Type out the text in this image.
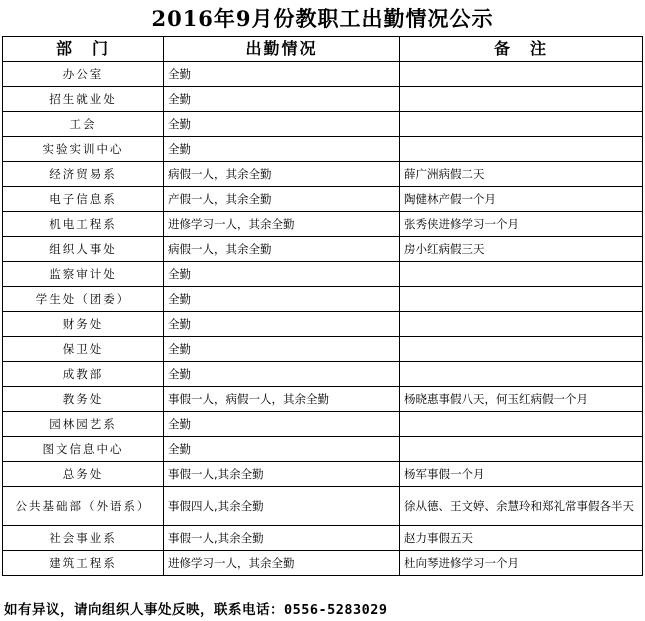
2016年9月份教职工出勤情况公示
部　门	出勤情况	备　注
办公室	全勤	
招生就业处	全勤	
工会	全勤	
实验实训中心	全勤	
经济贸易系	病假一人，其余全勤	薛广洲病假二天
电子信息系	产假一人，其余全勤	陶健林产假一个月
机电工程系	进修学习一人，其余全勤	张秀侠进修学习一个月
组织人事处	病假一人，其余全勤	房小红病假三天
监察审计处	全勤	
学生处（团委）	全勤	
财务处	全勤	
保卫处	全勤	
成教部	全勤	
教务处	事假一人，病假一人，其余全勤	杨晓惠事假八天，何玉红病假一个月
园林园艺系	全勤	
图文信息中心	全勤	
总务处	事假一人,其余全勤	杨军事假一个月
公共基础部（外语系）	事假四人,其余全勤	徐从德、王文婷、余慧玲和郑礼常事假各半天
社会事业系	事假一人,其余全勤	赵力事假五天
建筑工程系	进修学习一人，其余全勤	杜向琴进修学习一个月
如有异议，请向组织人事处反映，联系电话：0556-5283029
